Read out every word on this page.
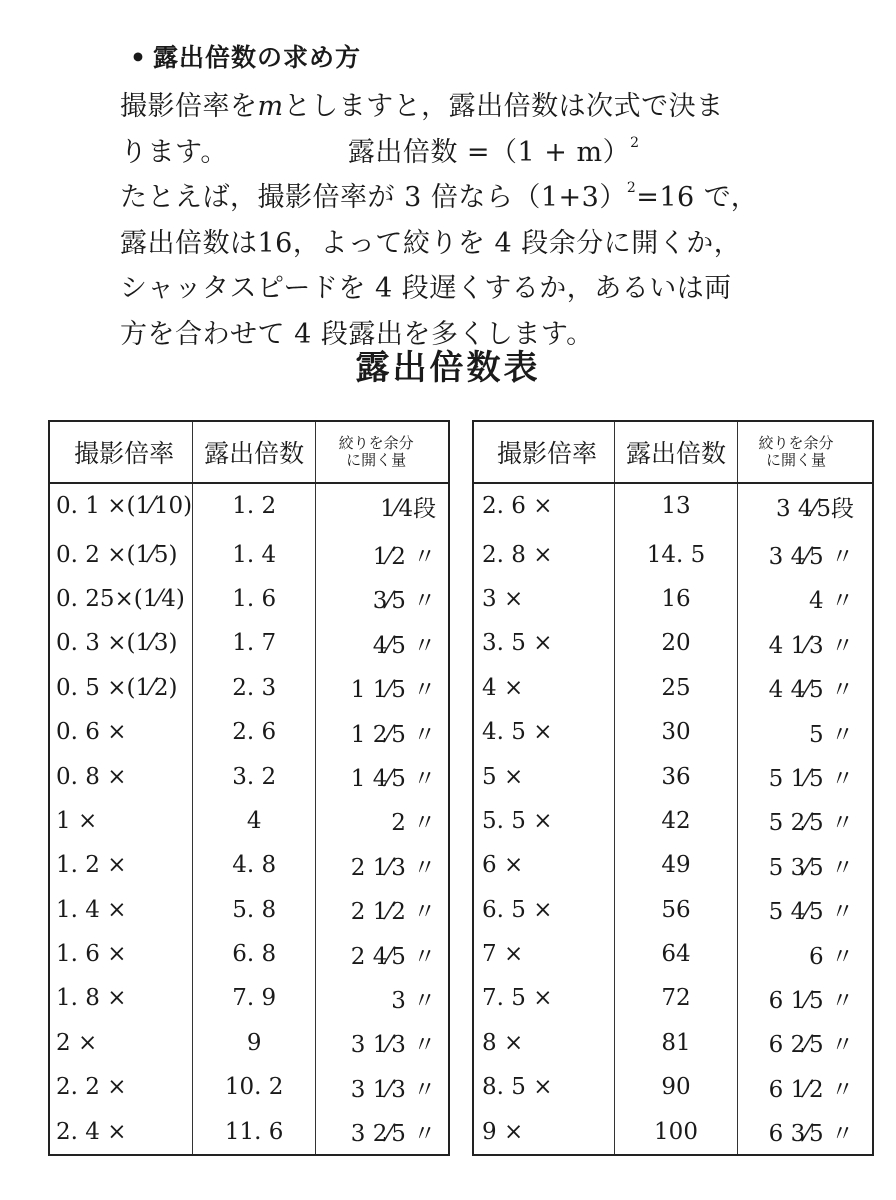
• 露出倍数の求め方
撮影倍率をmとしますと，露出倍数は次式で決ま
ります。	露出倍数 $=(1 + m)^2$
たとえば，撮影倍率が 3 倍なら$(1+3)^2=16$ で，
露出倍数は16，よって絞りを 4 段余分に開くか，
シャッタスピードを 4 段遅くするか，あるいは両
方を合わせて 4 段露出を多くします。
露出倍数表
撮影倍率	露出倍数	絞りを余分
に開く量
0. 1 ×(1⁄10)	1. 2	1⁄4段
0. 2 ×(1⁄5)	1. 4	1⁄2 〃
0. 25×(1⁄4)	1. 6	3⁄5 〃
0. 3 ×(1⁄3)	1. 7	4⁄5 〃
0. 5 ×(1⁄2)	2. 3	1 1⁄5 〃
0. 6 ×	2. 6	1 2⁄5 〃
0. 8 ×	3. 2	1 4⁄5 〃
1 ×	4	2 〃
1. 2 ×	4. 8	2 1⁄3 〃
1. 4 ×	5. 8	2 1⁄2 〃
1. 6 ×	6. 8	2 4⁄5 〃
1. 8 ×	7. 9	3 〃
2 ×	9	3 1⁄3 〃
2. 2 ×	10. 2	3 1⁄3 〃
2. 4 ×	11. 6	3 2⁄5 〃
撮影倍率	露出倍数	絞りを余分
に開く量
2. 6 ×	13	3 4⁄5段
2. 8 ×	14. 5	3 4⁄5 〃
3 ×	16	4 〃
3. 5 ×	20	4 1⁄3 〃
4 ×	25	4 4⁄5 〃
4. 5 ×	30	5 〃
5 ×	36	5 1⁄5 〃
5. 5 ×	42	5 2⁄5 〃
6 ×	49	5 3⁄5 〃
6. 5 ×	56	5 4⁄5 〃
7 ×	64	6 〃
7. 5 ×	72	6 1⁄5 〃
8 ×	81	6 2⁄5 〃
8. 5 ×	90	6 1⁄2 〃
9 ×	100	6 3⁄5 〃
